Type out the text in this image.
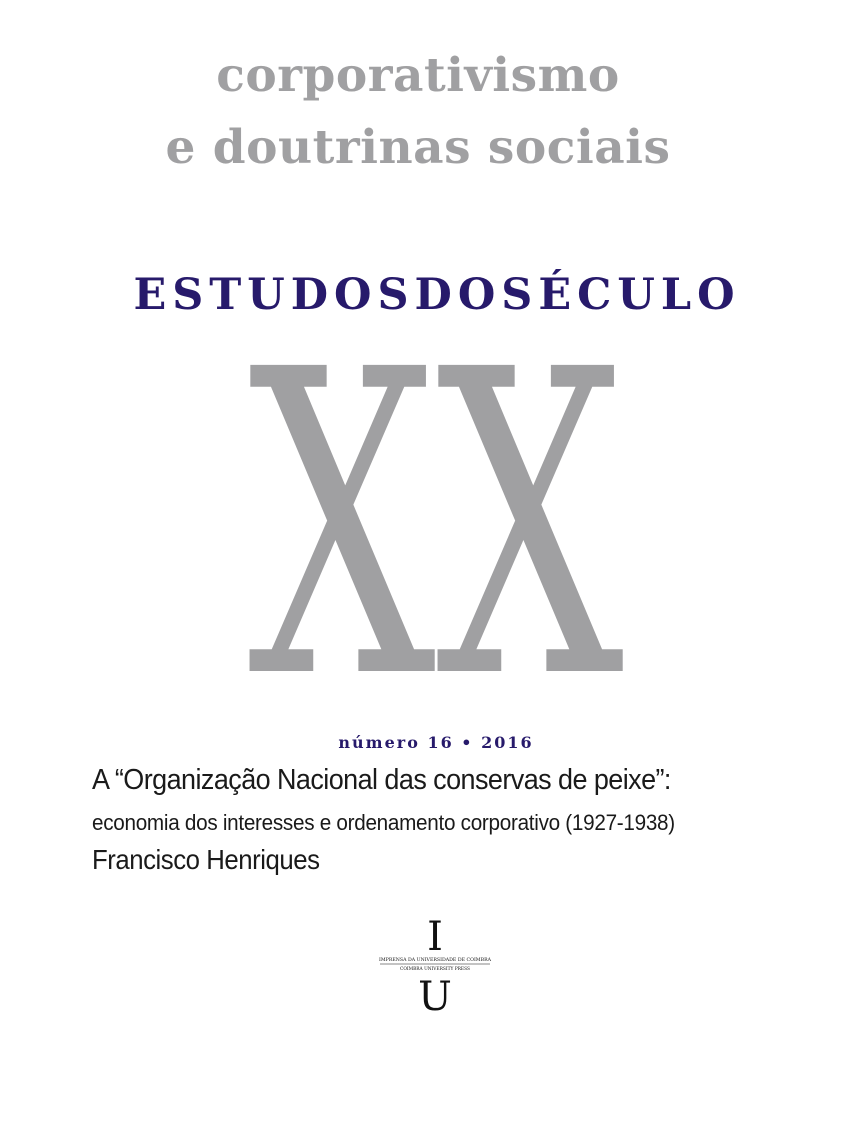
corporativismo
e doutrinas sociais
ESTUDOSDOSÉCULO
XX
número 16 • 2016
A “Organização Nacional das conservas de peixe”:
economia dos interesses e ordenamento corporativo (1927-1938)
Francisco Henriques
I
IMPRENSA DA UNIVERSIDADE DE COIMBRA
COIMBRA UNIVERSITY PRESS
U
